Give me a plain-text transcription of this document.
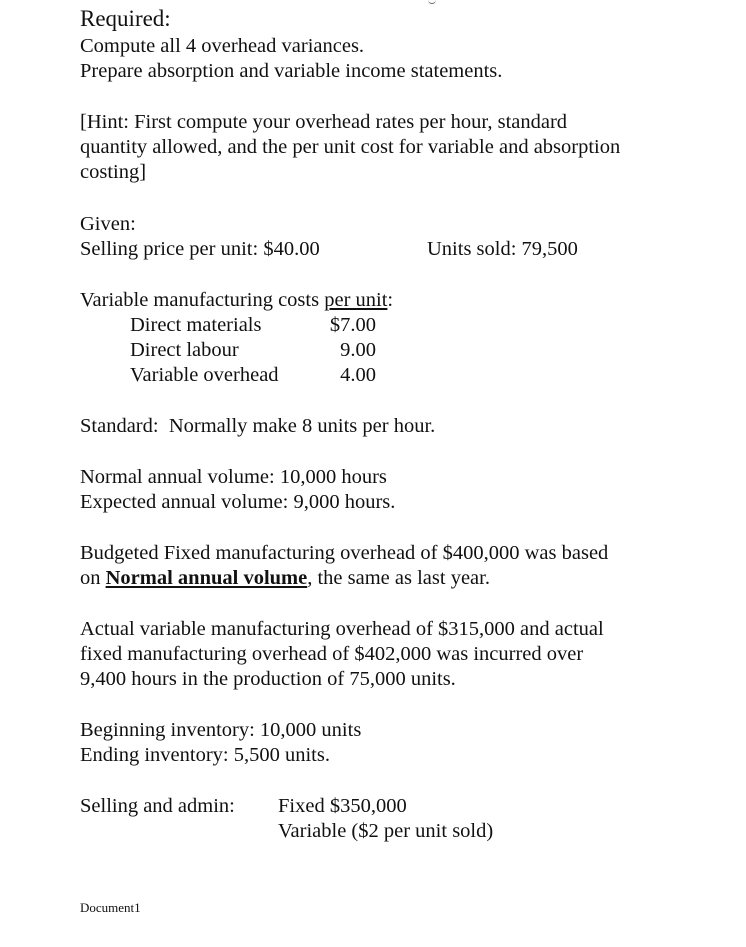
Required:
Compute all 4 overhead variances.
Prepare absorption and variable income statements.
[Hint: First compute your overhead rates per hour, standard
quantity allowed, and the per unit cost for variable and absorption
costing]
Given:
Selling price per unit: $40.00	Units sold: 79,500
Variable manufacturing costs per unit:
Direct materials	$7.00
Direct labour	9.00
Variable overhead	4.00
Standard:  Normally make 8 units per hour.
Normal annual volume: 10,000 hours
Expected annual volume: 9,000 hours.
Budgeted Fixed manufacturing overhead of $400,000 was based
on Normal annual volume, the same as last year.
Actual variable manufacturing overhead of $315,000 and actual
fixed manufacturing overhead of $402,000 was incurred over
9,400 hours in the production of 75,000 units.
Beginning inventory: 10,000 units
Ending inventory: 5,500 units.
Selling and admin: Fixed $350,000
Variable ($2 per unit sold)
Document1
